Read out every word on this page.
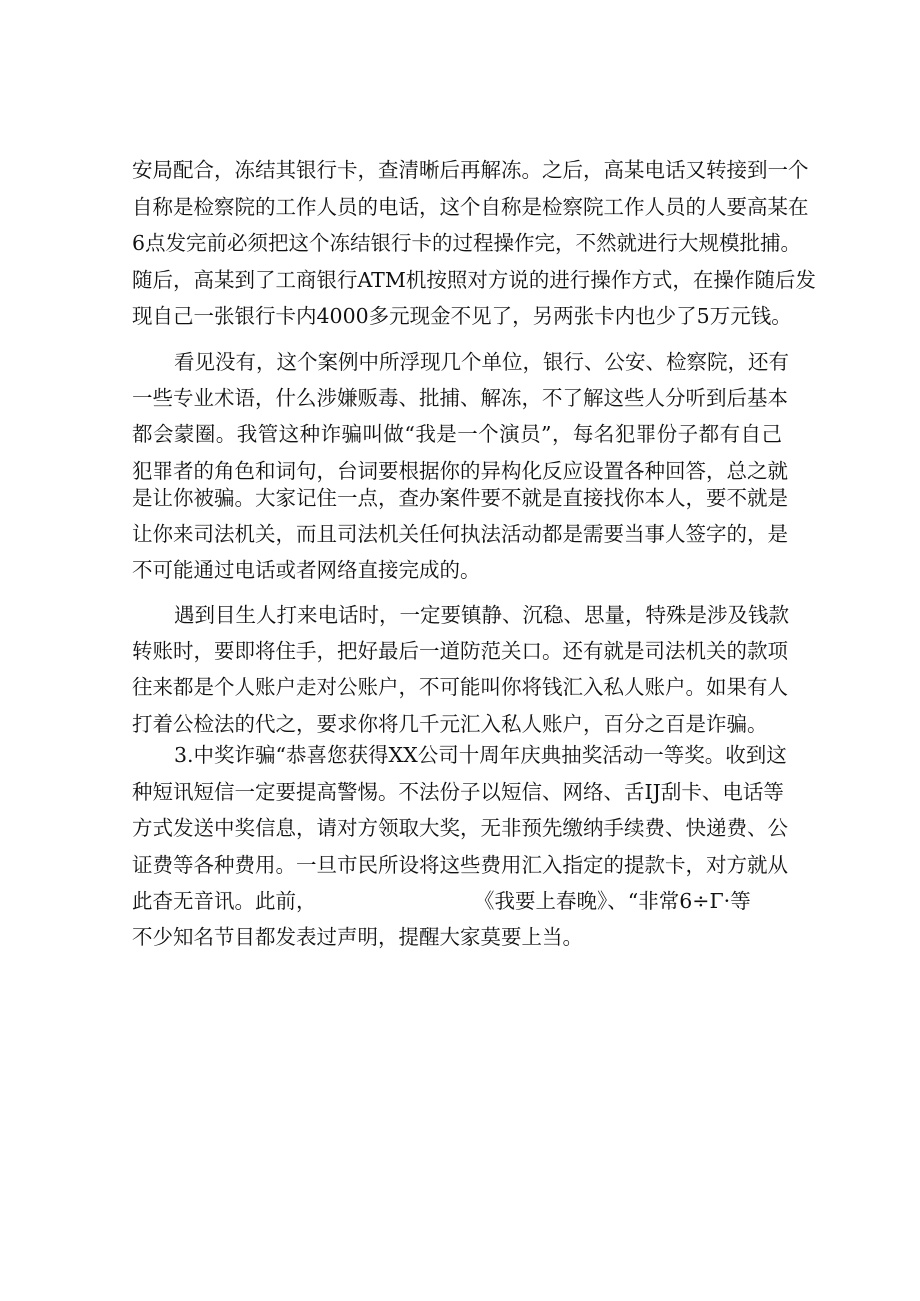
安局配合，冻结其银行卡，查清晰后再解冻。之后，高某电话又转接到一个

自称是检察院的工作人员的电话，这个自称是检察院工作人员的人要高某在

6点发完前必须把这个冻结银行卡的过程操作完，不然就进行大规模批捕。

随后，高某到了工商银行ATM机按照对方说的进行操作方式，在操作随后发

现自己一张银行卡内4000多元现金不见了，另两张卡内也少了5万元钱。

看见没有，这个案例中所浮现几个单位，银行、公安、检察院，还有

一些专业术语，什么涉嫌贩毒、批捕、解冻，不了解这些人分听到后基本

都会蒙圈。我管这种诈骗叫做“我是一个演员”，每名犯罪份子都有自己

犯罪者的角色和词句，台词要根据你的异构化反应设置各种回答，总之就

是让你被骗。大家记住一点，查办案件要不就是直接找你本人，要不就是

让你来司法机关，而且司法机关任何执法活动都是需要当事人签字的，是

不可能通过电话或者网络直接完成的。

遇到目生人打来电话时，一定要镇静、沉稳、思量，特殊是涉及钱款

转账时，要即将住手，把好最后一道防范关口。还有就是司法机关的款项

往来都是个人账户走对公账户，不可能叫你将钱汇入私人账户。如果有人

打着公检法的代之，要求你将几千元汇入私人账户，百分之百是诈骗。

3.中奖诈骗“恭喜您获得XX公司十周年庆典抽奖活动一等奖。收到这

种短讯短信一定要提高警惕。不法份子以短信、网络、舌IJ刮卡、电话等

方式发送中奖信息，请对方领取大奖，无非预先缴纳手续费、快递费、公

证费等各种费用。一旦市民所设将这些费用汇入指定的提款卡，对方就从

此杳无音讯。此前，	《我要上春晚》、“非常6÷Γ·等

不少知名节目都发表过声明，提醒大家莫要上当。
